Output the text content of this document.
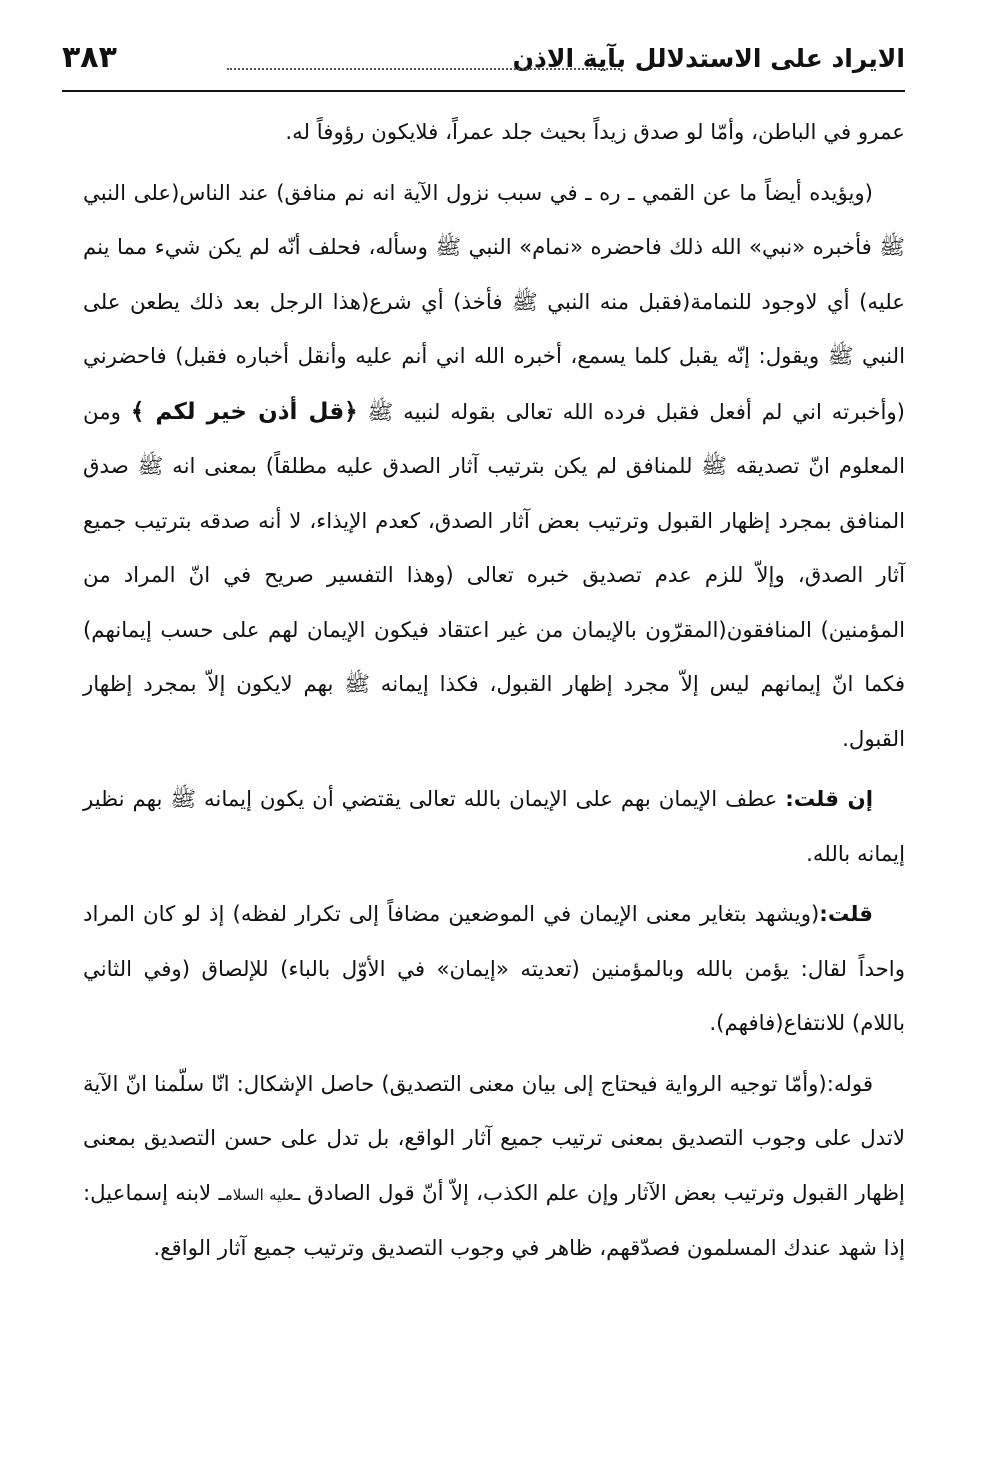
الايراد على الاستدلالل بآية الاذن
٣٨٣

عمرو في الباطن، وأمّا لو صدق زيداً بحيث جلد عمراً، فلايكون رؤوفاً له.

(ويؤيده أيضاً ما عن القمي ـ ره ـ في سبب نزول الآية انه نم منافق) عند الناس(على النبي ﷺ فأخبره «نبي» الله ذلك فاحضره «نمام» النبي ﷺ وسأله، فحلف أنّه لم يكن شيء مما ينم عليه) أي لاوجود للنمامة(فقبل منه النبي ﷺ فأخذ) أي شرع(هذا الرجل بعد ذلك يطعن على النبي ﷺ ويقول: إنّه يقبل كلما يسمع، أخبره الله اني أنم عليه وأنقل أخباره فقبل) فاحضرني (وأخبرته اني لم أفعل فقبل فرده الله تعالى بقوله لنبيه ﷺ ﴿قل أذن خير لكم ﴾ ومن المعلوم انّ تصديقه ﷺ للمنافق لم يكن بترتيب آثار الصدق عليه مطلقاً) بمعنى انه ﷺ صدق المنافق بمجرد إظهار القبول وترتيب بعض آثار الصدق، كعدم الإيذاء، لا أنه صدقه بترتيب جميع آثار الصدق، وإلاّ للزم عدم تصديق خبره تعالى (وهذا التفسير صريح في انّ المراد من المؤمنين) المنافقون(المقرّون بالإيمان من غير اعتقاد فيكون الإيمان لهم على حسب إيمانهم) فكما انّ إيمانهم ليس إلاّ مجرد إظهار القبول، فكذا إيمانه ﷺ بهم لايكون إلاّ بمجرد إظهار القبول.

إن قلت: عطف الإيمان بهم على الإيمان بالله تعالى يقتضي أن يكون إيمانه ﷺ بهم نظير إيمانه بالله.

قلت:(ويشهد بتغاير معنى الإيمان في الموضعين مضافاً إلى تكرار لفظه) إذ لو كان المراد واحداً لقال: يؤمن بالله وبالمؤمنين (تعديته «إيمان» في الأوّل بالباء) للإلصاق (وفي الثاني باللام) للانتفاع(فافهم).

قوله:(وأمّا توجيه الرواية فيحتاج إلى بيان معنى التصديق) حاصل الإشكال: انّا سلّمنا انّ الآية لاتدل على وجوب التصديق بمعنى ترتيب جميع آثار الواقع، بل تدل على حسن التصديق بمعنى إظهار القبول وترتيب بعض الآثار وإن علم الكذب، إلاّ أنّ قول الصادق ـعليه السلامـ لابنه إسماعيل: إذا شهد عندك المسلمون فصدّقهم، ظاهر في وجوب التصديق وترتيب جميع آثار الواقع.
